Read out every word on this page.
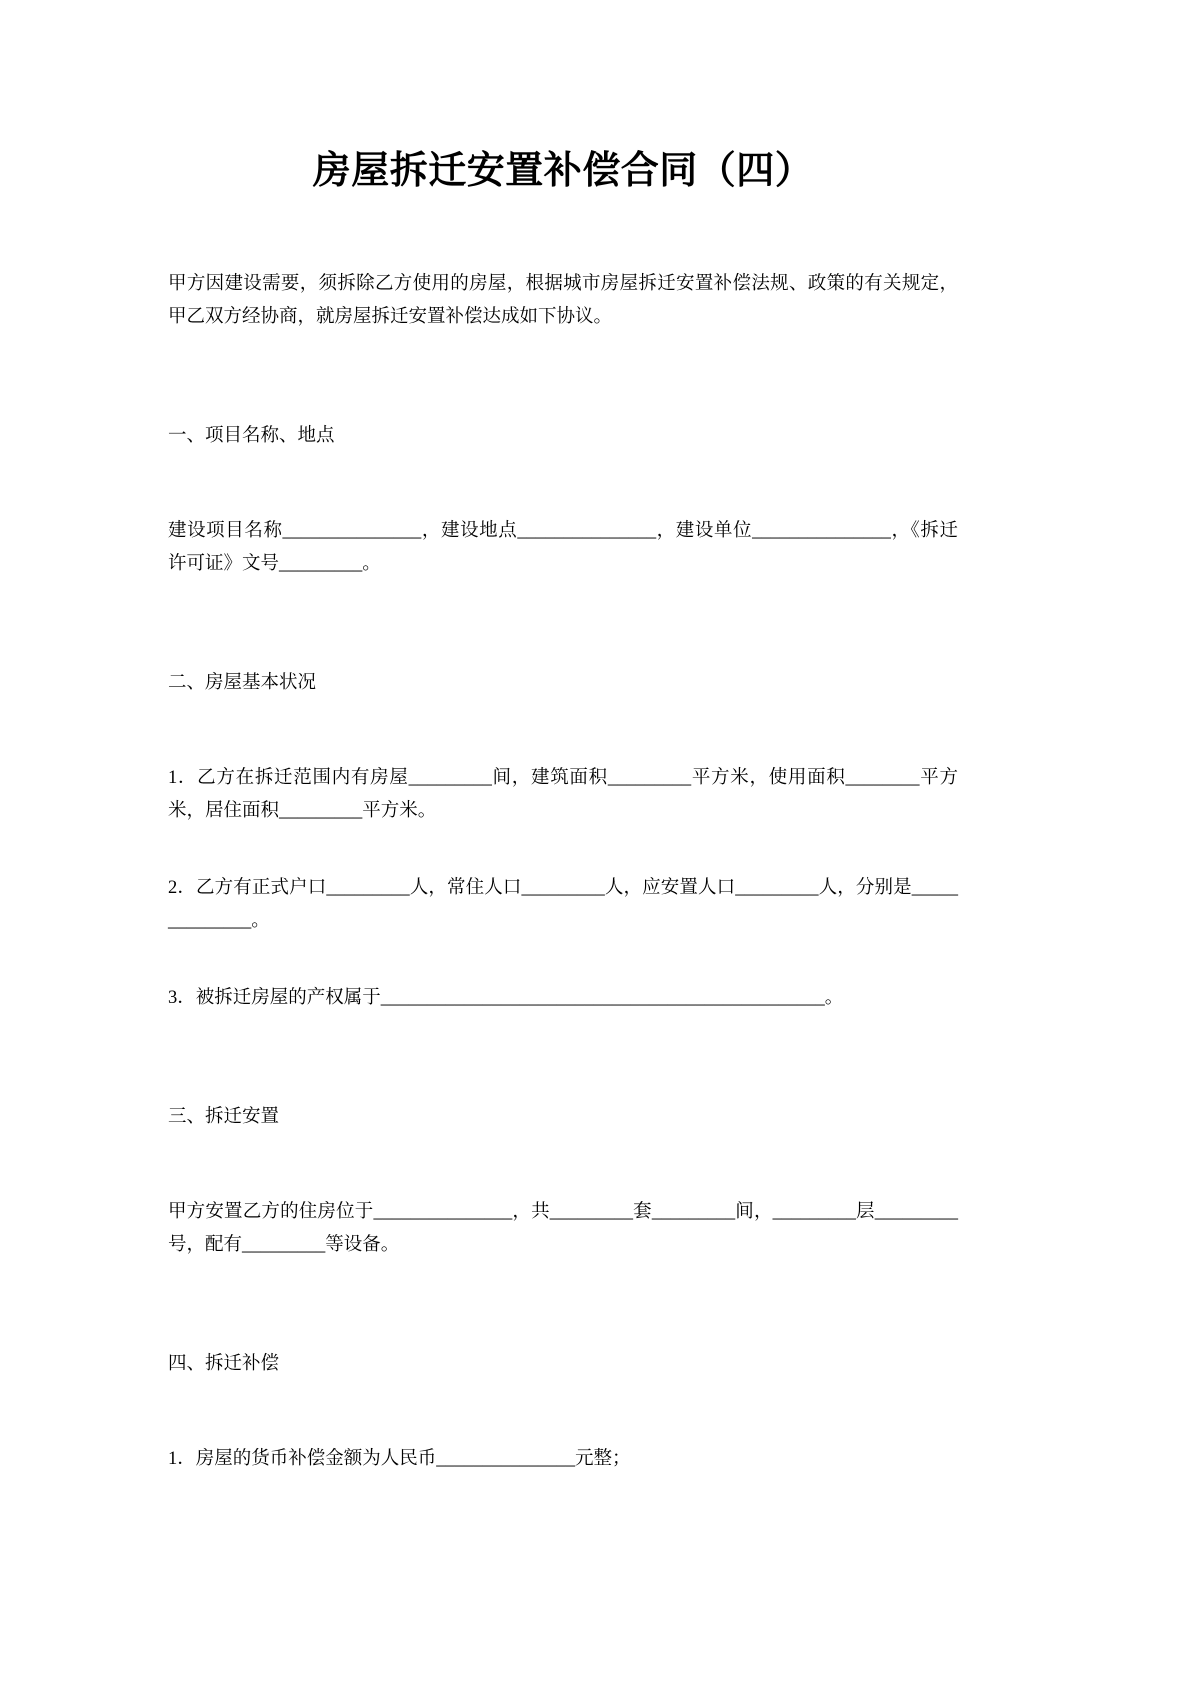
房屋拆迁安置补偿合同（四）

甲方因建设需要，须拆除乙方使用的房屋，根据城市房屋拆迁安置补偿法规、政策的有关规定，甲乙双方经协商，就房屋拆迁安置补偿达成如下协议。

一、项目名称、地点

建设项目名称_______________，建设地点_______________，建设单位_______________，《拆迁许可证》文号_________。

二、房屋基本状况

1．乙方在拆迁范围内有房屋_________间，建筑面积_________平方米，使用面积________平方米，居住面积_________平方米。

2．乙方有正式户口_________人，常住人口_________人，应安置人口_________人，分别是______________。

3．被拆迁房屋的产权属于________________________________________________。

三、拆迁安置

甲方安置乙方的住房位于_______________，共_________套_________间，_________层_________号，配有_________等设备。

四、拆迁补偿

1．房屋的货币补偿金额为人民币_______________元整；
